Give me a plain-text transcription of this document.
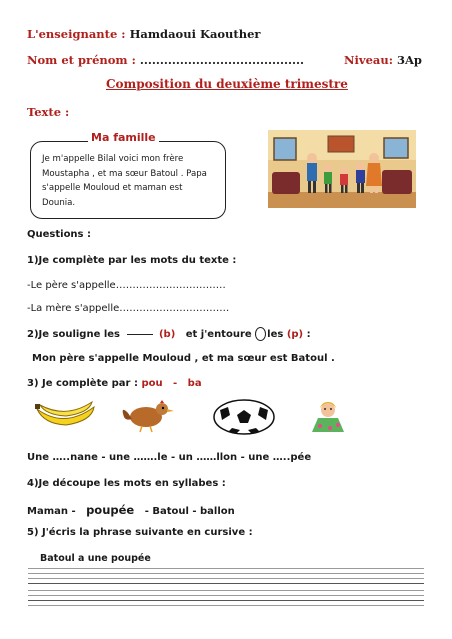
L'enseignante : Hamdaoui Kaouther
Nom et prénom : .........................................	Niveau: 3Ap
Composition du deuxième trimestre
Texte :
Ma famille
Je m'appelle Bilal voici mon frère Moustapha , et ma sœur Batoul . Papa s'appelle Mouloud et maman est Dounia.
Questions :
1)Je complète par les mots du texte :
-Le père s'appelle……………………………
-La mère s'appelle……………………………
2)Je souligne les	(b) et j'entoure les (p) :
Mon père s'appelle Mouloud , et ma sœur est Batoul .
3) Je complète par : pou - ba
Une …..nane - une …….le - un ……llon - une …..pée
4)Je découpe les mots en syllabes :
Maman - poupée - Batoul - ballon
5) J'écris la phrase suivante en cursive :
Batoul a une poupée
